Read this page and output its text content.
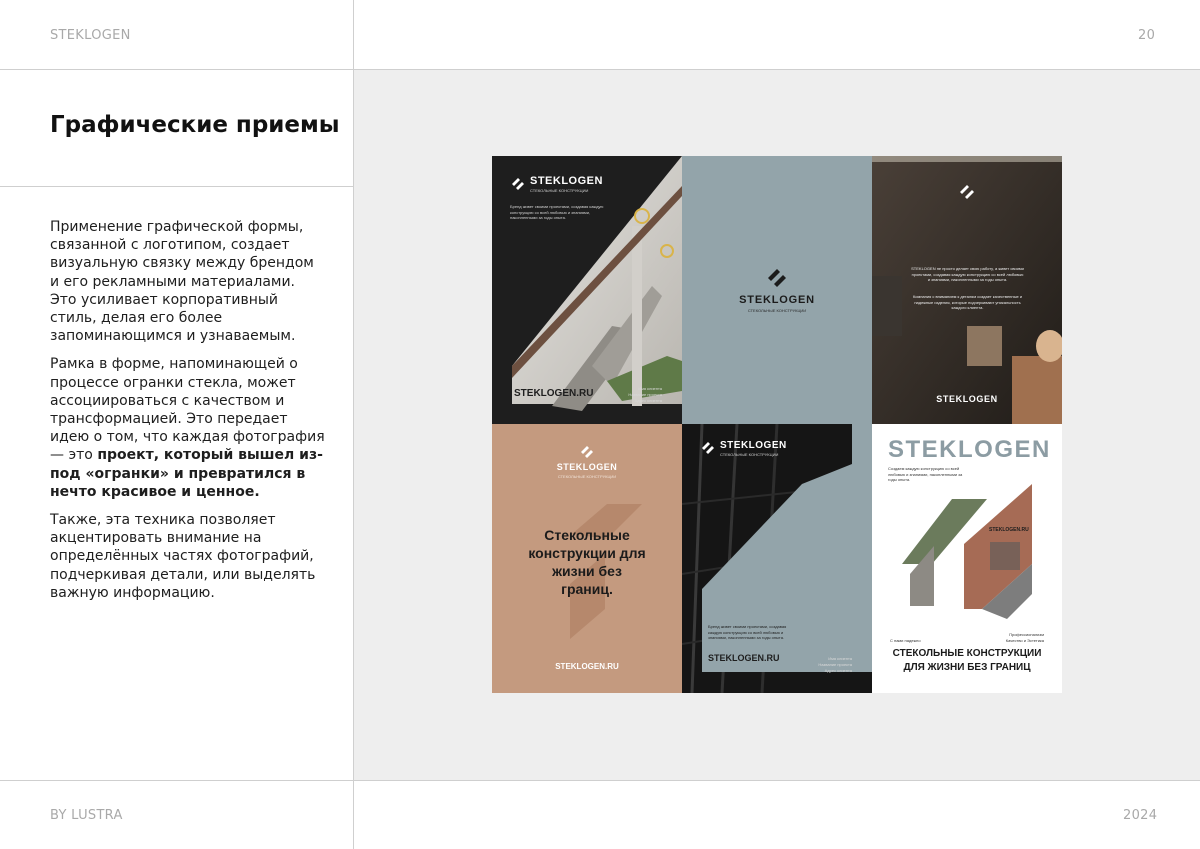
STEKLOGEN	20
BY LUSTRA	2024
Графические приемы

Применение графической формы, связанной с логотипом, создает визуальную связку между брендом и его рекламными материалами. Это усиливает корпоративный стиль, делая его более запоминающимся и узнаваемым.

Рамка в форме, напоминающей о процессе огранки стекла, может ассоциироваться с качеством и трансформацией. Это передает идею о том, что каждая фотография — это проект, который вышел из-под «огранки» и превратился в нечто красивое и ценное.

Также, эта техника позволяет акцентировать внимание на определённых частях фотографий, подчеркивая детали, или выделять важную информацию.

STEKLOGEN
СТЕКОЛЬНЫЕ КОНСТРУКЦИИ
Бренд живет своими проектами, создавая каждую конструкцию со всей любовью и знаниями, накопленными за годы опыта.
STEKLOGEN.RU	Имя клиента
Название проекта
Адрес клиента
STEKLOGEN
СТЕКОЛЬНЫЕ КОНСТРУКЦИИ
STEKLOGEN не просто делает свою работу, а живет своими проектами, создавая каждую конструкцию со всей любовью и знаниями, накопленными за годы опыта.
Компания с вниманием к деталям создает качественные и надежные изделия, которые подчеркивают уникальность каждого клиента.
STEKLOGEN
STEKLOGEN
СТЕКОЛЬНЫЕ КОНСТРУКЦИИ
Стекольные конструкции для жизни без границ.
STEKLOGEN.RU
STEKLOGEN
СТЕКОЛЬНЫЕ КОНСТРУКЦИИ
Бренд живет своими проектами, создавая каждую конструкцию со всей любовью и знаниями, накопленными за годы опыта.
STEKLOGEN.RU	Имя клиента
Название проекта
Адрес клиента
STEKLOGEN
Создаем каждую конструкцию со всей любовью и знаниями, накопленными за годы опыта.
STEKLOGEN.RU
С нами надежно
Профессионализм
Качество и Эстетика
СТЕКОЛЬНЫЕ КОНСТРУКЦИИ
ДЛЯ ЖИЗНИ БЕЗ ГРАНИЦ
